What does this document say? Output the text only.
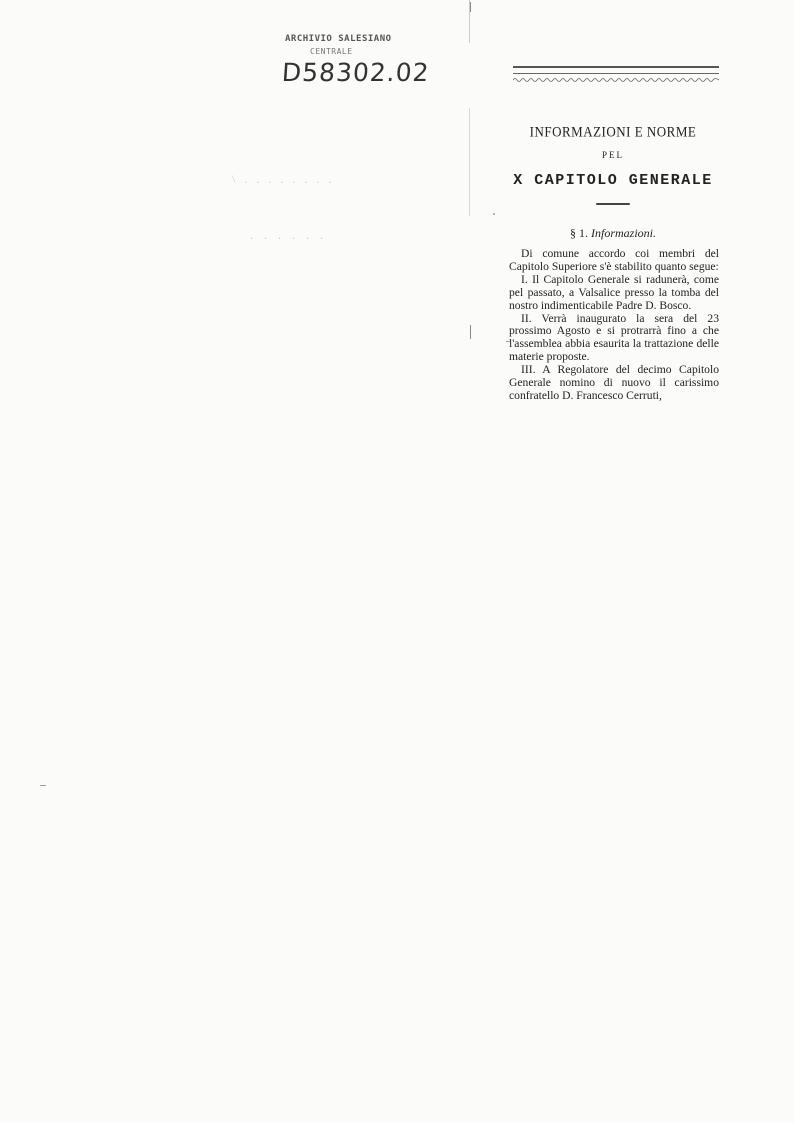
ARCHIVIO SALESIANO
CENTRALE
D58302.02
\ . . . . . . . .
. . . . . .
INFORMAZIONI E NORME
PEL
X CAPITOLO GENERALE
§ 1. Informazioni.

Di comune accordo coi membri del Capitolo Superiore s'è stabilito quanto segue:

I. Il Capitolo Generale si radunerà, come pel passato, a Valsalice presso la tomba del nostro indimenticabile Padre D. Bosco.

II. Verrà inaugurato la sera del 23 prossimo Agosto e si protrarrà fino a che l'assemblea abbia esaurita la trattazione delle materie proposte.

III. A Regolatore del decimo Capitolo Generale nomino di nuovo il carissimo confratello D. Francesco Cerruti,
